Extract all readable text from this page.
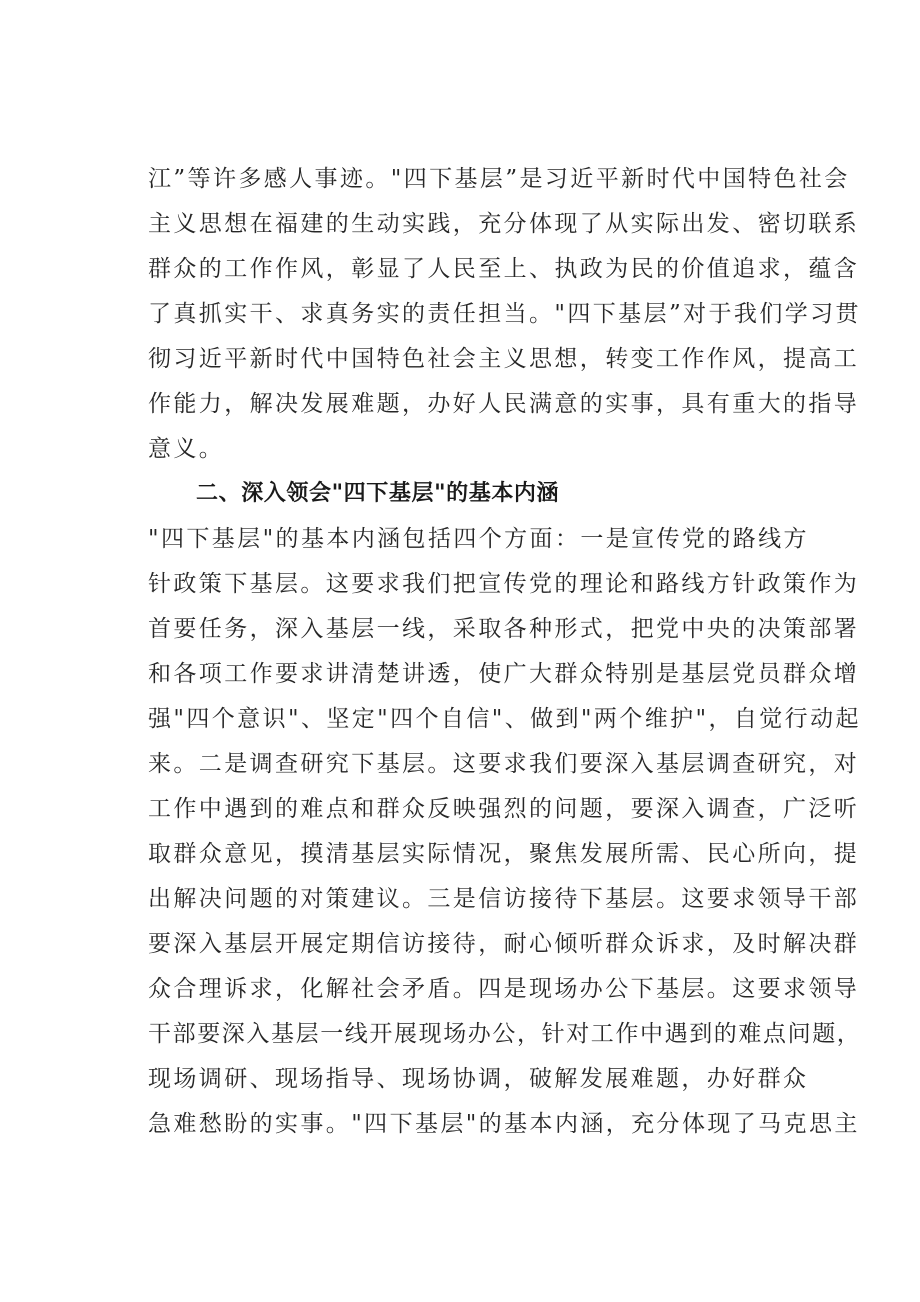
江”等许多感人事迹。"四下基层”是习近平新时代中国特色社会
主义思想在福建的生动实践，充分体现了从实际出发、密切联系
群众的工作作风，彰显了人民至上、执政为民的价值追求，蕴含
了真抓实干、求真务实的责任担当。"四下基层”对于我们学习贯
彻习近平新时代中国特色社会主义思想，转变工作作风，提高工
作能力，解决发展难题，办好人民满意的实事，具有重大的指导
意义。
二、深入领会"四下基层"的基本内涵
"四下基层"的基本内涵包括四个方面：一是宣传党的路线方
针政策下基层。这要求我们把宣传党的理论和路线方针政策作为
首要任务，深入基层一线，采取各种形式，把党中央的决策部署
和各项工作要求讲清楚讲透，使广大群众特别是基层党员群众增
强"四个意识"、坚定"四个自信"、做到"两个维护"，自觉行动起
来。二是调查研究下基层。这要求我们要深入基层调查研究，对
工作中遇到的难点和群众反映强烈的问题，要深入调查，广泛听
取群众意见，摸清基层实际情况，聚焦发展所需、民心所向，提
出解决问题的对策建议。三是信访接待下基层。这要求领导干部
要深入基层开展定期信访接待，耐心倾听群众诉求，及时解决群
众合理诉求，化解社会矛盾。四是现场办公下基层。这要求领导
干部要深入基层一线开展现场办公，针对工作中遇到的难点问题，
现场调研、现场指导、现场协调，破解发展难题，办好群众
急难愁盼的实事。"四下基层"的基本内涵，充分体现了马克思主
